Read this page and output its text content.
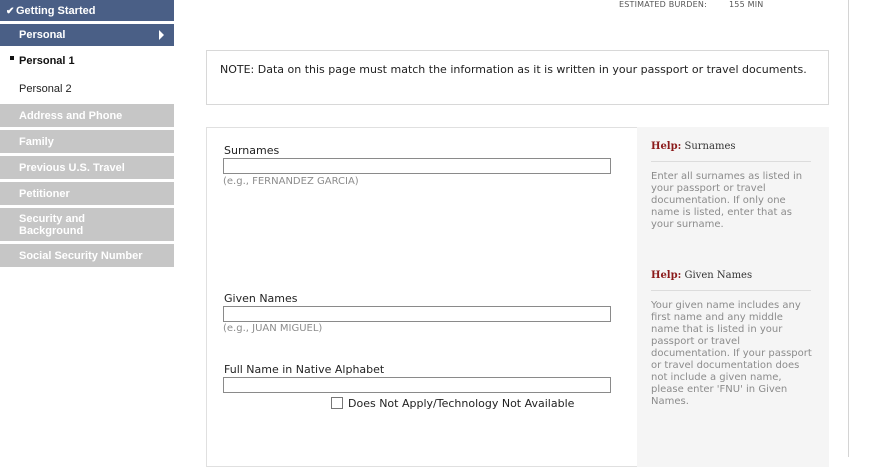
✔ Getting Started
Personal
Personal 1
Personal 2
Address and Phone
Family
Previous U.S. Travel
Petitioner
Security and Background
Social Security Number
ESTIMATED BURDEN:	155 MIN
NOTE: Data on this page must match the information as it is written in your passport or travel documents.
Surnames
(e.g., FERNANDEZ GARCIA)
Given Names
(e.g., JUAN MIGUEL)
Full Name in Native Alphabet
Does Not Apply/Technology Not Available
Help: Surnames
Enter all surnames as listed in your passport or travel documentation. If only one name is listed, enter that as your surname.
Help: Given Names
Your given name includes any first name and any middle name that is listed in your passport or travel documentation. If your passport or travel documentation does not include a given name, please enter 'FNU' in Given Names.
